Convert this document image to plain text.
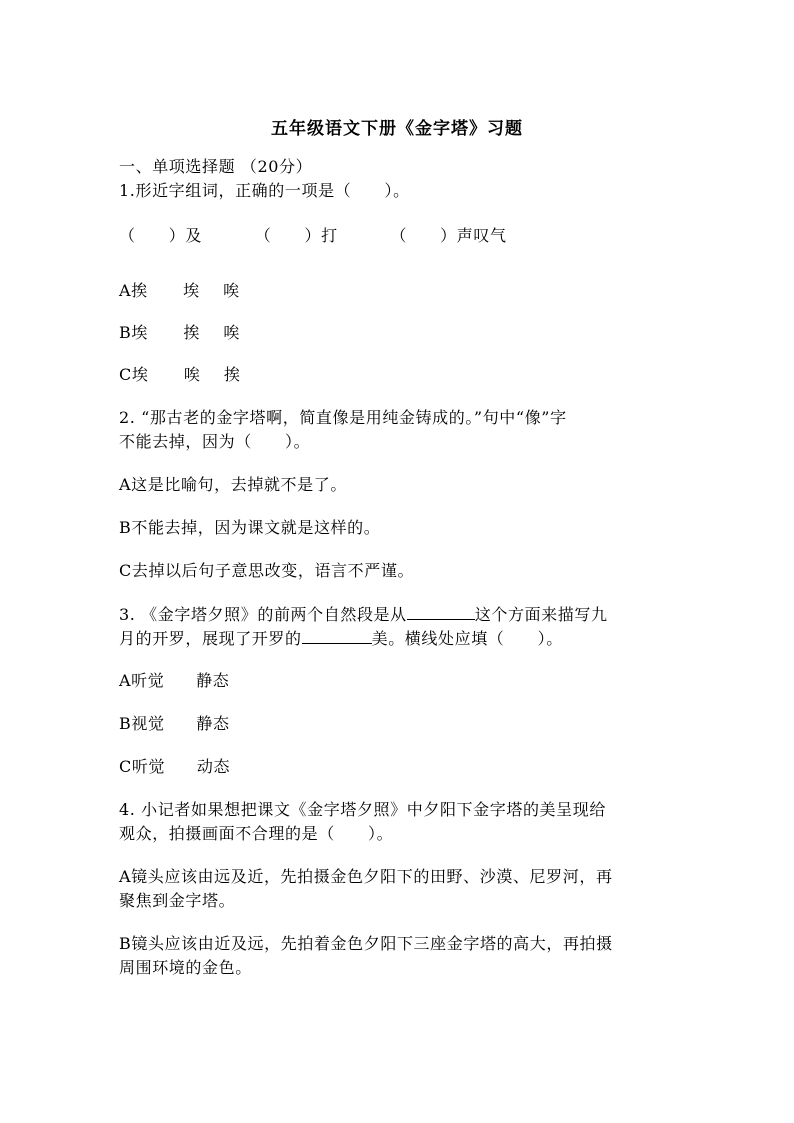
五年级语文下册《金字塔》习题
一、单项选择题 （20分）
1.形近字组词，正确的一项是（　　）。
（　　）及	（　　）打	（　　）声叹气
A挨 埃 唉
B埃 挨 唉
C埃 唉 挨
2. “那古老的金字塔啊，简直像是用纯金铸成的。”句中“像”字
不能去掉，因为（　　）。
A这是比喻句，去掉就不是了。
B不能去掉，因为课文就是这样的。
C去掉以后句子意思改变，语言不严谨。
3. 《金字塔夕照》的前两个自然段是从	这个方面来描写九
月的开罗，展现了开罗的	美。横线处应填（　　）。
A听觉 静态
B视觉 静态
C听觉 动态
4. 小记者如果想把课文《金字塔夕照》中夕阳下金字塔的美呈现给
观众，拍摄画面不合理的是（　　）。
A镜头应该由远及近，先拍摄金色夕阳下的田野、沙漠、尼罗河，再
聚焦到金字塔。
B镜头应该由近及远，先拍着金色夕阳下三座金字塔的高大，再拍摄
周围环境的金色。
